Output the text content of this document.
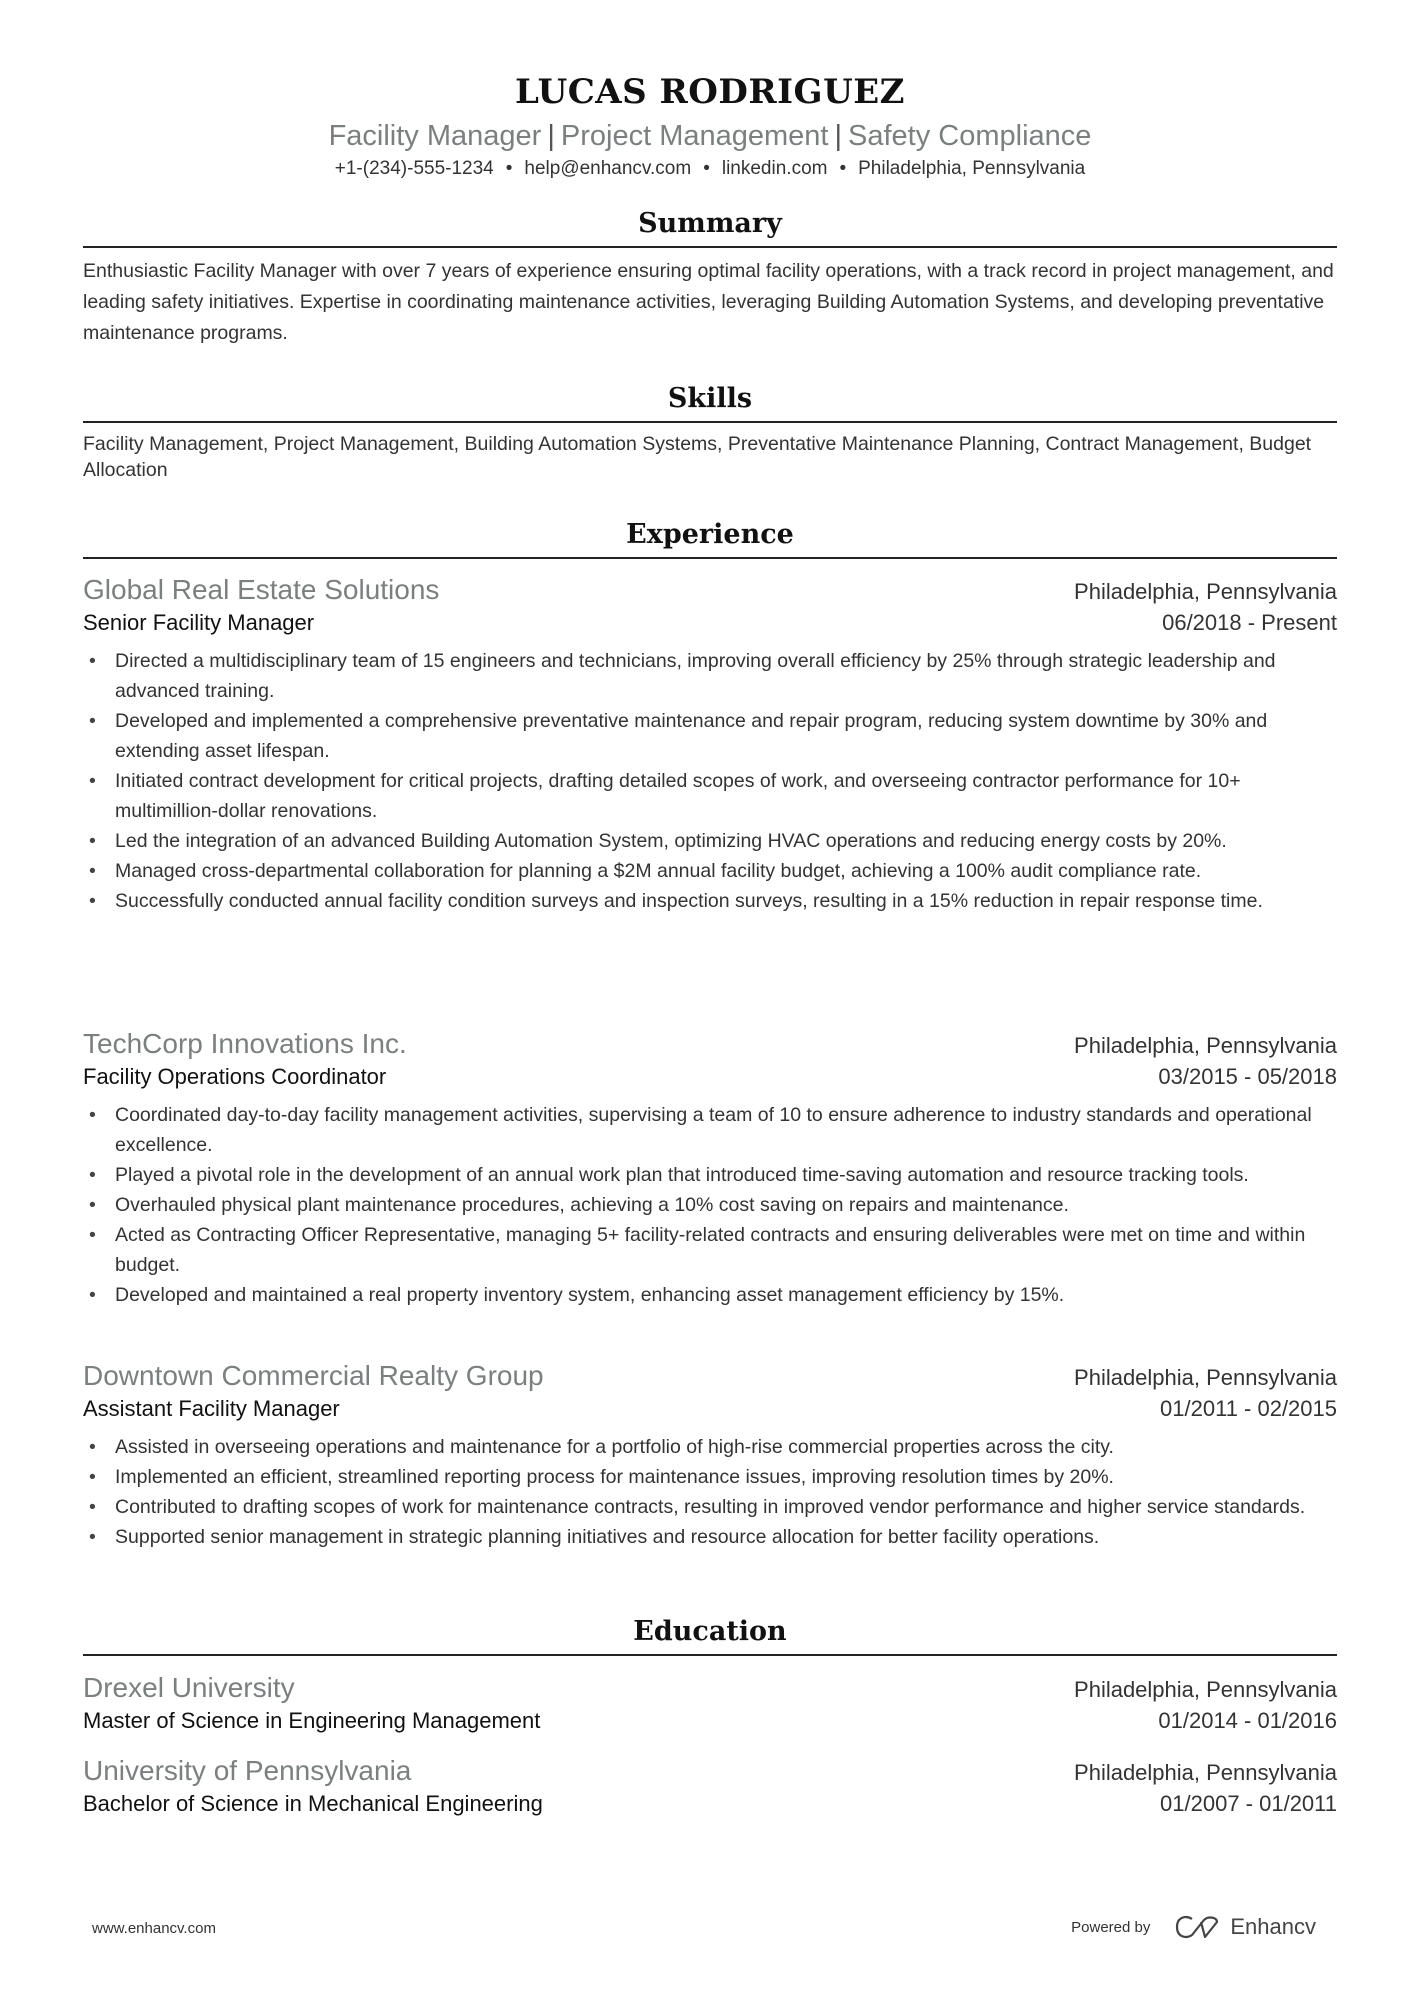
LUCAS RODRIGUEZ
Facility Manager | Project Management | Safety Compliance
+1-(234)-555-1234 • help@enhancv.com • linkedin.com • Philadelphia, Pennsylvania
Summary

Enthusiastic Facility Manager with over 7 years of experience ensuring optimal facility operations, with a track record in project management, and leading safety initiatives. Expertise in coordinating maintenance activities, leveraging Building Automation Systems, and developing preventative maintenance programs.

Skills

Facility Management, Project Management, Building Automation Systems, Preventative Maintenance Planning, Contract Management, Budget Allocation

Experience
Global Real Estate Solutions	Philadelphia, Pennsylvania
Senior Facility Manager	06/2018 - Present
• Directed a multidisciplinary team of 15 engineers and technicians, improving overall efficiency by 25% through strategic leadership and advanced training.
• Developed and implemented a comprehensive preventative maintenance and repair program, reducing system downtime by 30% and extending asset lifespan.
• Initiated contract development for critical projects, drafting detailed scopes of work, and overseeing contractor performance for 10+ multimillion-dollar renovations.
• Led the integration of an advanced Building Automation System, optimizing HVAC operations and reducing energy costs by 20%.
• Managed cross-departmental collaboration for planning a $2M annual facility budget, achieving a 100% audit compliance rate.
• Successfully conducted annual facility condition surveys and inspection surveys, resulting in a 15% reduction in repair response time.
TechCorp Innovations Inc.	Philadelphia, Pennsylvania
Facility Operations Coordinator	03/2015 - 05/2018
• Coordinated day-to-day facility management activities, supervising a team of 10 to ensure adherence to industry standards and operational excellence.
• Played a pivotal role in the development of an annual work plan that introduced time-saving automation and resource tracking tools.
• Overhauled physical plant maintenance procedures, achieving a 10% cost saving on repairs and maintenance.
• Acted as Contracting Officer Representative, managing 5+ facility-related contracts and ensuring deliverables were met on time and within budget.
• Developed and maintained a real property inventory system, enhancing asset management efficiency by 15%.
Downtown Commercial Realty Group	Philadelphia, Pennsylvania
Assistant Facility Manager	01/2011 - 02/2015
• Assisted in overseeing operations and maintenance for a portfolio of high-rise commercial properties across the city.
• Implemented an efficient, streamlined reporting process for maintenance issues, improving resolution times by 20%.
• Contributed to drafting scopes of work for maintenance contracts, resulting in improved vendor performance and higher service standards.
• Supported senior management in strategic planning initiatives and resource allocation for better facility operations.
Education
Drexel University	Philadelphia, Pennsylvania
Master of Science in Engineering Management	01/2014 - 01/2016
University of Pennsylvania	Philadelphia, Pennsylvania
Bachelor of Science in Mechanical Engineering	01/2007 - 01/2011
www.enhancv.com	Powered by	Enhancv
